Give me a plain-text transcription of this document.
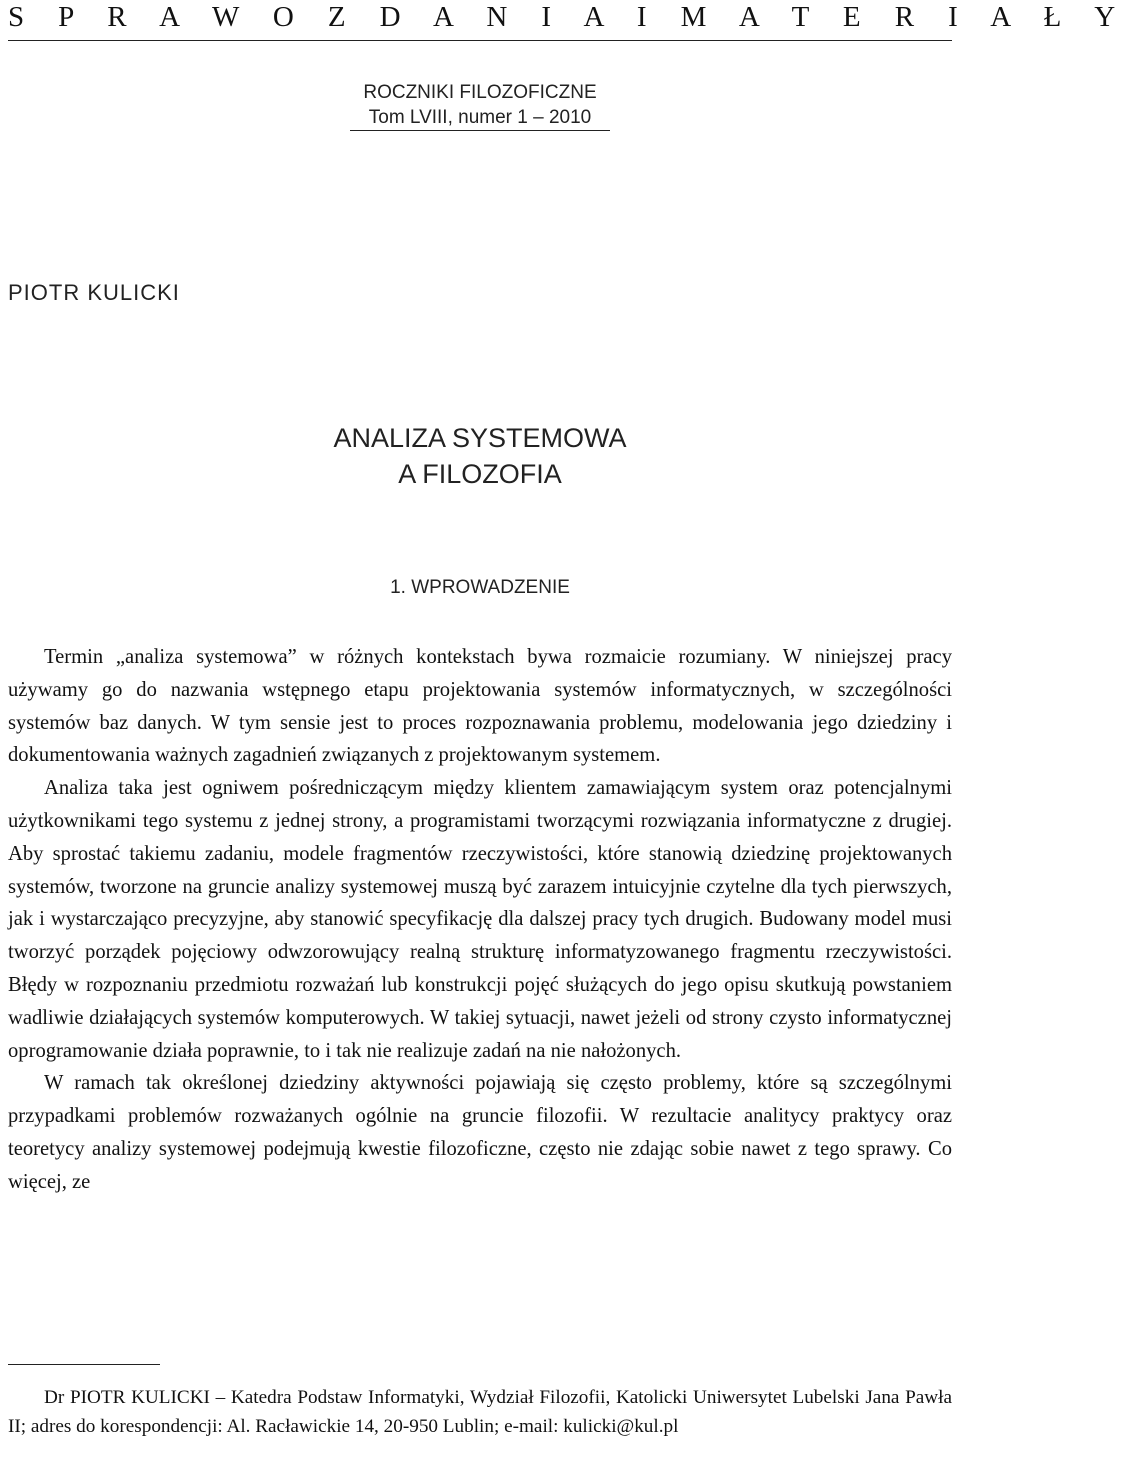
S P R A W O Z D A N I A I M A T E R I A Ł Y
ROCZNIKI FILOZOFICZNE
Tom LVIII, numer 1 – 2010
PIOTR KULICKI
ANALIZA SYSTEMOWA
A FILOZOFIA
1. WPROWADZENIE

Termin „analiza systemowa” w różnych kontekstach bywa rozmaicie rozumiany. W niniejszej pracy używamy go do nazwania wstępnego etapu projektowania systemów informatycznych, w szczególności systemów baz danych. W tym sensie jest to proces rozpoznawania problemu, modelowania jego dziedziny i dokumentowania ważnych zagadnień związanych z projektowanym systemem.

Analiza taka jest ogniwem pośredniczącym między klientem zamawiającym system oraz potencjalnymi użytkownikami tego systemu z jednej strony, a programistami tworzącymi rozwiązania informatyczne z drugiej. Aby sprostać takiemu zadaniu, modele fragmentów rzeczywistości, które stanowią dziedzinę projektowanych systemów, tworzone na gruncie analizy systemowej muszą być zarazem intuicyjnie czytelne dla tych pierwszych, jak i wystarczająco precyzyjne, aby stanowić specyfikację dla dalszej pracy tych drugich. Budowany model musi tworzyć porządek pojęciowy odwzorowujący realną strukturę informatyzowanego fragmentu rzeczywistości. Błędy w rozpoznaniu przedmiotu rozważań lub konstrukcji pojęć służących do jego opisu skutkują powstaniem wadliwie działających systemów komputerowych. W takiej sytuacji, nawet jeżeli od strony czysto informatycznej oprogramowanie działa poprawnie, to i tak nie realizuje zadań na nie nałożonych.

W ramach tak określonej dziedziny aktywności pojawiają się często problemy, które są szczególnymi przypadkami problemów rozważanych ogólnie na gruncie filozofii. W rezultacie analitycy praktycy oraz teoretycy analizy systemowej podejmują kwestie filozoficzne, często nie zdając sobie nawet z tego sprawy. Co więcej, ze

Dr PIOTR KULICKI – Katedra Podstaw Informatyki, Wydział Filozofii, Katolicki Uniwersytet Lubelski Jana Pawła II; adres do korespondencji: Al. Racławickie 14, 20-950 Lublin; e-mail: kulicki@kul.pl
